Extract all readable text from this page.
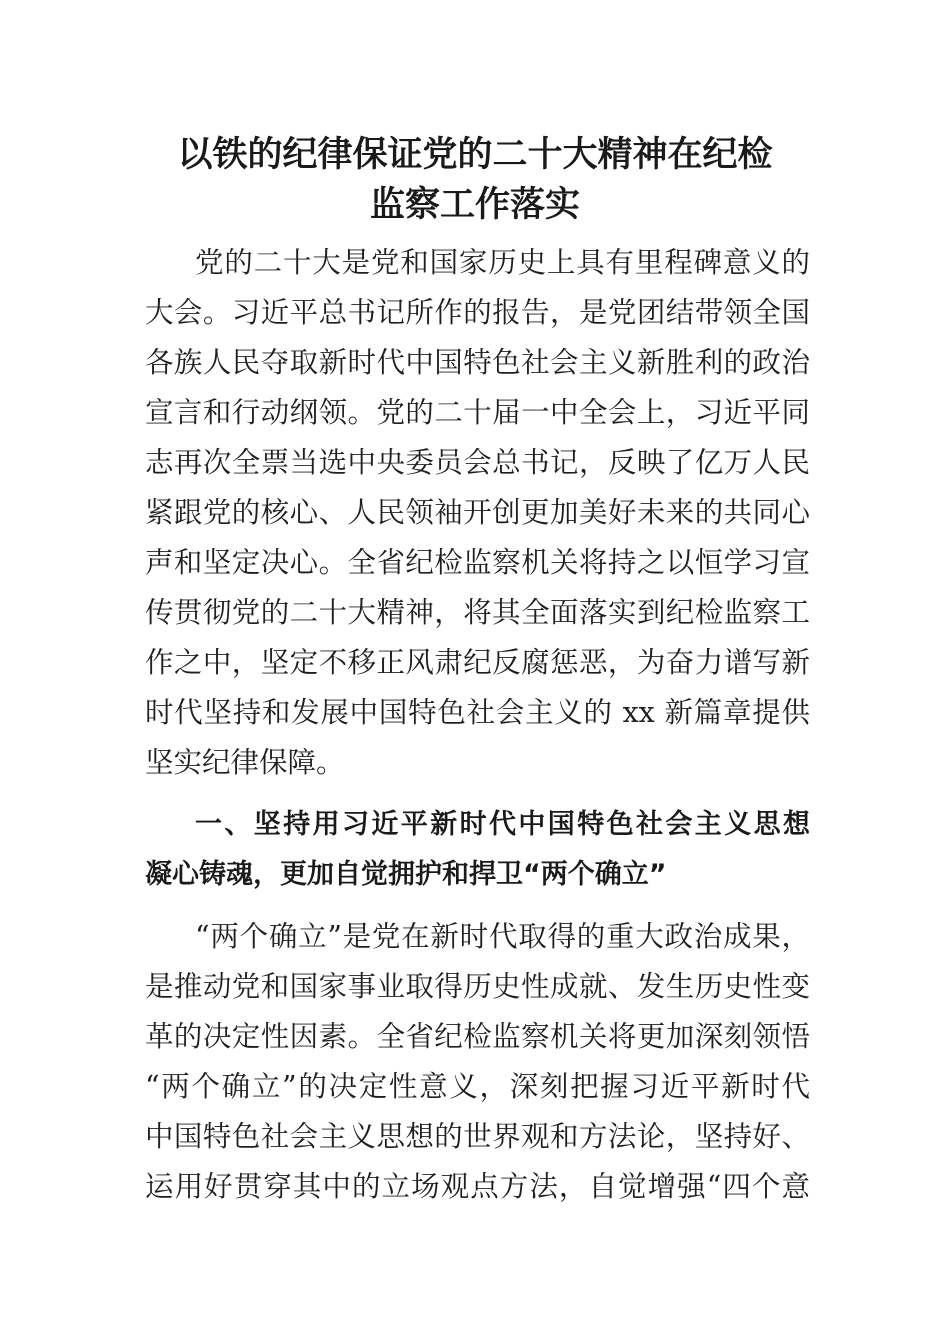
以铁的纪律保证党的二十大精神在纪检
监察工作落实
党的二十大是党和国家历史上具有里程碑意义的
大会。习近平总书记所作的报告，是党团结带领全国
各族人民夺取新时代中国特色社会主义新胜利的政治
宣言和行动纲领。党的二十届一中全会上，习近平同
志再次全票当选中央委员会总书记，反映了亿万人民
紧跟党的核心、人民领袖开创更加美好未来的共同心
声和坚定决心。全省纪检监察机关将持之以恒学习宣
传贯彻党的二十大精神，将其全面落实到纪检监察工
作之中，坚定不移正风肃纪反腐惩恶，为奋力谱写新
时代坚持和发展中国特色社会主义的 xx 新篇章提供
坚实纪律保障。
一、坚持用习近平新时代中国特色社会主义思想
凝心铸魂，更加自觉拥护和捍卫“两个确立”
“两个确立”是党在新时代取得的重大政治成果，
是推动党和国家事业取得历史性成就、发生历史性变
革的决定性因素。全省纪检监察机关将更加深刻领悟
“两个确立”的决定性意义，深刻把握习近平新时代
中国特色社会主义思想的世界观和方法论，坚持好、
运用好贯穿其中的立场观点方法，自觉增强“四个意
